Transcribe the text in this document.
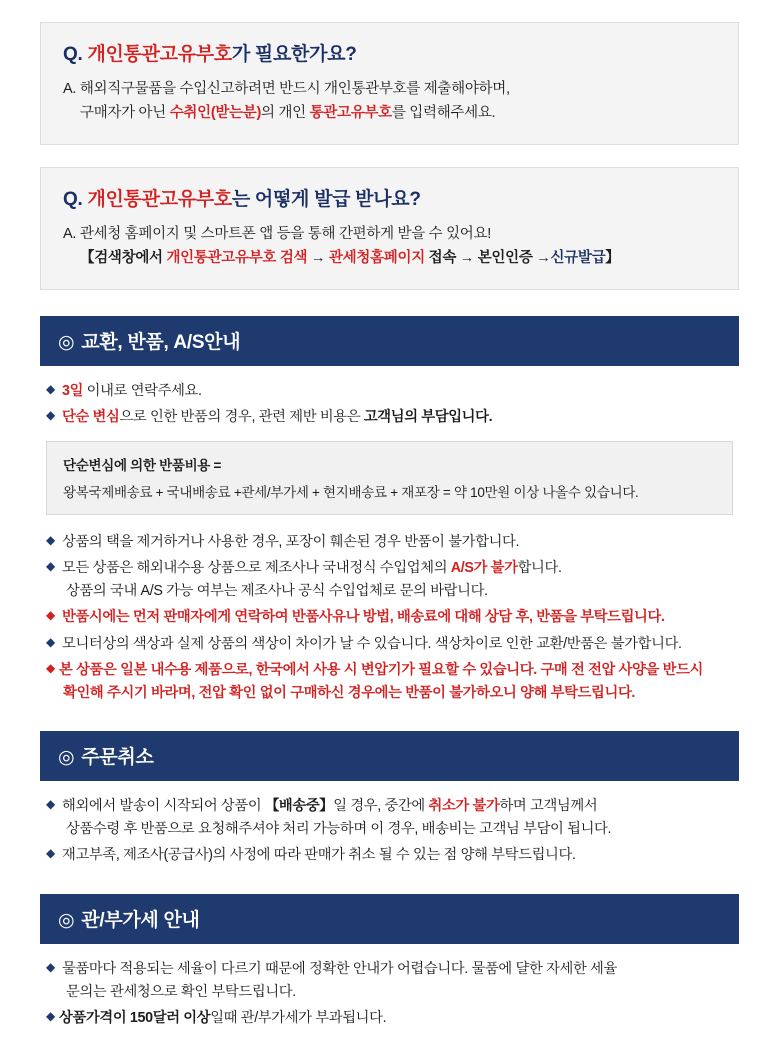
Q. 개인통관고유부호가 필요한가요?
A. 해외직구물품을 수입신고하려면 반드시 개인통관부호를 제출해야하며,
구매자가 아닌 수취인(받는분)의 개인 통관고유부호를 입력해주세요.
Q. 개인통관고유부호는 어떻게 발급 받나요?
A. 관세청 홈페이지 및 스마트폰 앱 등을 통해 간편하게 받을 수 있어요!
【검색창에서 개인통관고유부호 검색 → 관세청홈페이지 접속 → 본인인증 →신규발급】
◎ 교환, 반품, A/S안내
◆ 3일 이내로 연락주세요.
◆ 단순 변심으로 인한 반품의 경우, 관련 제반 비용은 고객님의 부담입니다.
단순변심에 의한 반품비용 =
왕복국제배송료 + 국내배송료 +관세/부가세 + 현지배송료 + 재포장 = 약 10만원 이상 나올수 있습니다.
◆ 상품의 택을 제거하거나 사용한 경우, 포장이 훼손된 경우 반품이 불가합니다.
◆ 모든 상품은 해외내수용 상품으로 제조사나 국내정식 수입업체의 A/S가 불가합니다.
상품의 국내 A/S 가능 여부는 제조사나 공식 수입업체로 문의 바랍니다.
◆ 반품시에는 먼저 판매자에게 연락하여 반품사유나 방법, 배송료에 대해 상담 후, 반품을 부탁드립니다.
◆ 모니터상의 색상과 실제 상품의 색상이 차이가 날 수 있습니다. 색상차이로 인한 교환/반품은 불가합니다.
◆ 본 상품은 일본 내수용 제품으로, 한국에서 사용 시 변압기가 필요할 수 있습니다. 구매 전 전압 사양을 반드시
확인해 주시기 바라며, 전압 확인 없이 구매하신 경우에는 반품이 불가하오니 양해 부탁드립니다.
◎ 주문취소
◆ 해외에서 발송이 시작되어 상품이 【배송중】일 경우, 중간에 취소가 불가하며 고객님께서
상품수령 후 반품으로 요청해주셔야 처리 가능하며 이 경우, 배송비는 고객님 부담이 됩니다.
◆ 재고부족, 제조사(공급사)의 사정에 따라 판매가 취소 될 수 있는 점 양해 부탁드립니다.
◎ 관/부가세 안내
◆ 물품마다 적용되는 세율이 다르기 때문에 정확한 안내가 어렵습니다. 물품에 댤한 자세한 세율
문의는 관세청으로 확인 부탁드립니다.
◆ 상품가격이 150달러 이상일때 관/부가세가 부과됩니다.
